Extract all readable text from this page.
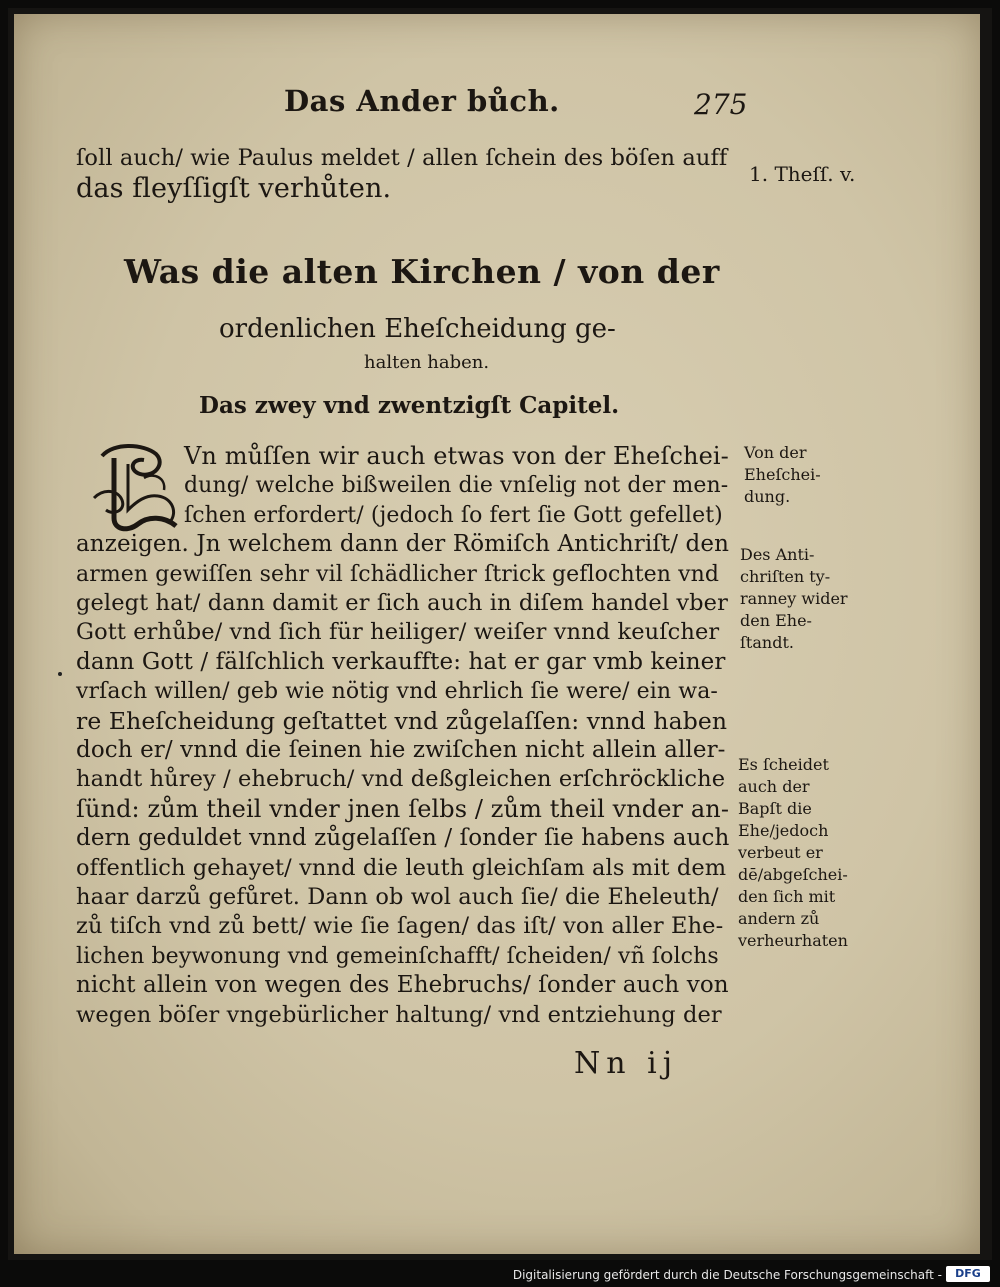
Das Ander bůch.	275
ſoll auch/ wie Paulus meldet / allen ſchein des böſen auff
das fleyſſigſt verhůten.	1. Theſſ. v.
Was die alten Kirchen / von der
ordenlichen Eheſcheidung ge-
halten haben.
Das zwey vnd zwentzigſt Capitel.
Von der
Eheſchei-
dung.
Des Anti-
chriſten ty-
ranney wider
den Ehe-
ſtandt.
Es ſcheidet
auch der
Bapſt die
Ehe/jedoch
verbeut er
dē/abgeſchei-
den ſich mit
andern zů
verheurhaten
Nn ij
Vn můſſen wir auch etwas von der Eheſchei-
dung/ welche bißweilen die vnſelig not der men-
ſchen erfordert/ (jedoch ſo fert ſie Gott gefellet)
anzeigen. Jn welchem dann der Römiſch Antichriſt/ den
armen gewiſſen sehr vil ſchädlicher ſtrick geflochten vnd
gelegt hat/ dann damit er ſich auch in diſem handel vber
Gott erhůbe/ vnd ſich für heiliger/ weiſer vnnd keuſcher
dann Gott / fälſchlich verkauffte: hat er gar vmb keiner
vrſach willen/ geb wie nötig vnd ehrlich ſie were/ ein wa-
re Eheſcheidung geſtattet vnd zůgelaſſen: vnnd haben
doch er/ vnnd die ſeinen hie zwiſchen nicht allein aller-
handt hůrey / ehebruch/ vnd deßgleichen erſchröckliche
ſünd: zům theil vnder jnen ſelbs / zům theil vnder an-
dern geduldet vnnd zůgelaſſen / ſonder ſie habens auch
offentlich gehayet/ vnnd die leuth gleichſam als mit dem
haar darzů gefůret. Dann ob wol auch ſie/ die Eheleuth/
zů tiſch vnd zů bett/ wie ſie ſagen/ das iſt/ von aller Ehe-
lichen beywonung vnd gemeinſchafft/ ſcheiden/ vñ ſolchs
nicht allein von wegen des Ehebruchs/ ſonder auch von
wegen böſer vngebürlicher haltung/ vnd entziehung der
Digitalisierung gefördert durch die Deutsche Forschungsgemeinschaft -	DFG
